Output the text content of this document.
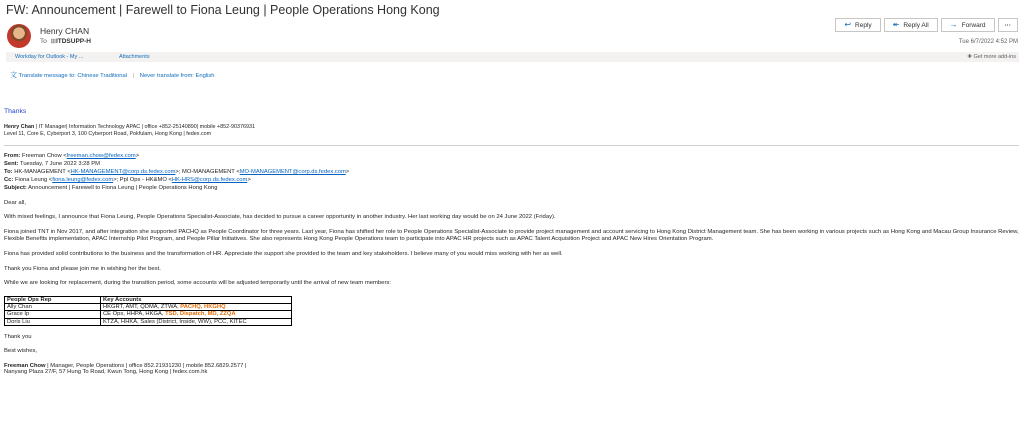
FW: Announcement | Farewell to Fiona Leung | People Operations Hong Kong
Henry CHAN
To  ⊞ITDSUPP-H
↩ Reply	↞ Reply All	→ Forward	···
Tue 6/7/2022 4:52 PM
Workday for Outlook - My ...	Attachments	✚ Get more add-ins
文 Translate message to: Chinese Traditional | Never translate from: English
Thanks
Henry Chan | IT Manager| Information Technology APAC | office +852-25140890| mobile +852-90376931
Level 11, Core E, Cyberport 3, 100 Cyberport Road, Pokfulam, Hong Kong | fedex.com
From: Freeman Chow <freeman.chow@fedex.com>
Sent: Tuesday, 7 June 2022 3:28 PM
To: HK-MANAGEMENT <HK-MANAGEMENT@corp.ds.fedex.com>; MO-MANAGEMENT <MO-MANAGEMENT@corp.ds.fedex.com>
Cc: Fiona Leung <fiona.leung@fedex.com>; Ppl Ops - HK&MO <HK-HRS@corp.ds.fedex.com>
Subject: Announcement | Farewell to Fiona Leung | People Operations Hong Kong
Dear all,
With mixed feelings, I announce that Fiona Leung, People Operations Specialist-Associate, has decided to pursue a career opportunity in another industry. Her last working day would be on 24 June 2022 (Friday).
Fiona joined TNT in Nov 2017, and after integration she supported PACHQ as People Coordinator for three years. Last year, Fiona has shifted her role to People Operations Specialist-Associate to provide project management and account servicing to Hong Kong District Management team. She has been working in various projects such as Hong Kong and Macau Group Insurance Review, Flexible Benefits implementation, APAC Internship Pilot Program, and People Pillar Initiatives. She also represents Hong Kong People Operations team to participate into APAC HR projects such as APAC Talent Acquisition Project and APAC New Hires Orientation Program.
Fiona has provided solid contributions to the business and the transformation of HR. Appreciate the support she provided to the team and key stakeholders. I believe many of you would miss working with her as well.
Thank you Fiona and please join me in wishing her the best.
While we are looking for replacement, during the transition period, some accounts will be adjusted temporarily until the arrival of new team members:
People Ops Rep	Key Accounts
Ally Chan	HKGRT, AMT, QDMA, ZTWA, PACHQ, HKGHQ
Grace Ip	CE Ops, HHPA, HKGA, TSD, Dispatch, MD, ZZQA
Doris Liu	KTZA, HHKA, Sales (District, Inside, WW), PCC, KITEC
Thank you
Best wishes,
Freeman Chow | Manager, People Operations | office 852.21931230 | mobile 852.6829.2577 |
Nanyang Plaza 27/F, 57 Hung To Road, Kwun Tong, Hong Kong | fedex.com.hk
